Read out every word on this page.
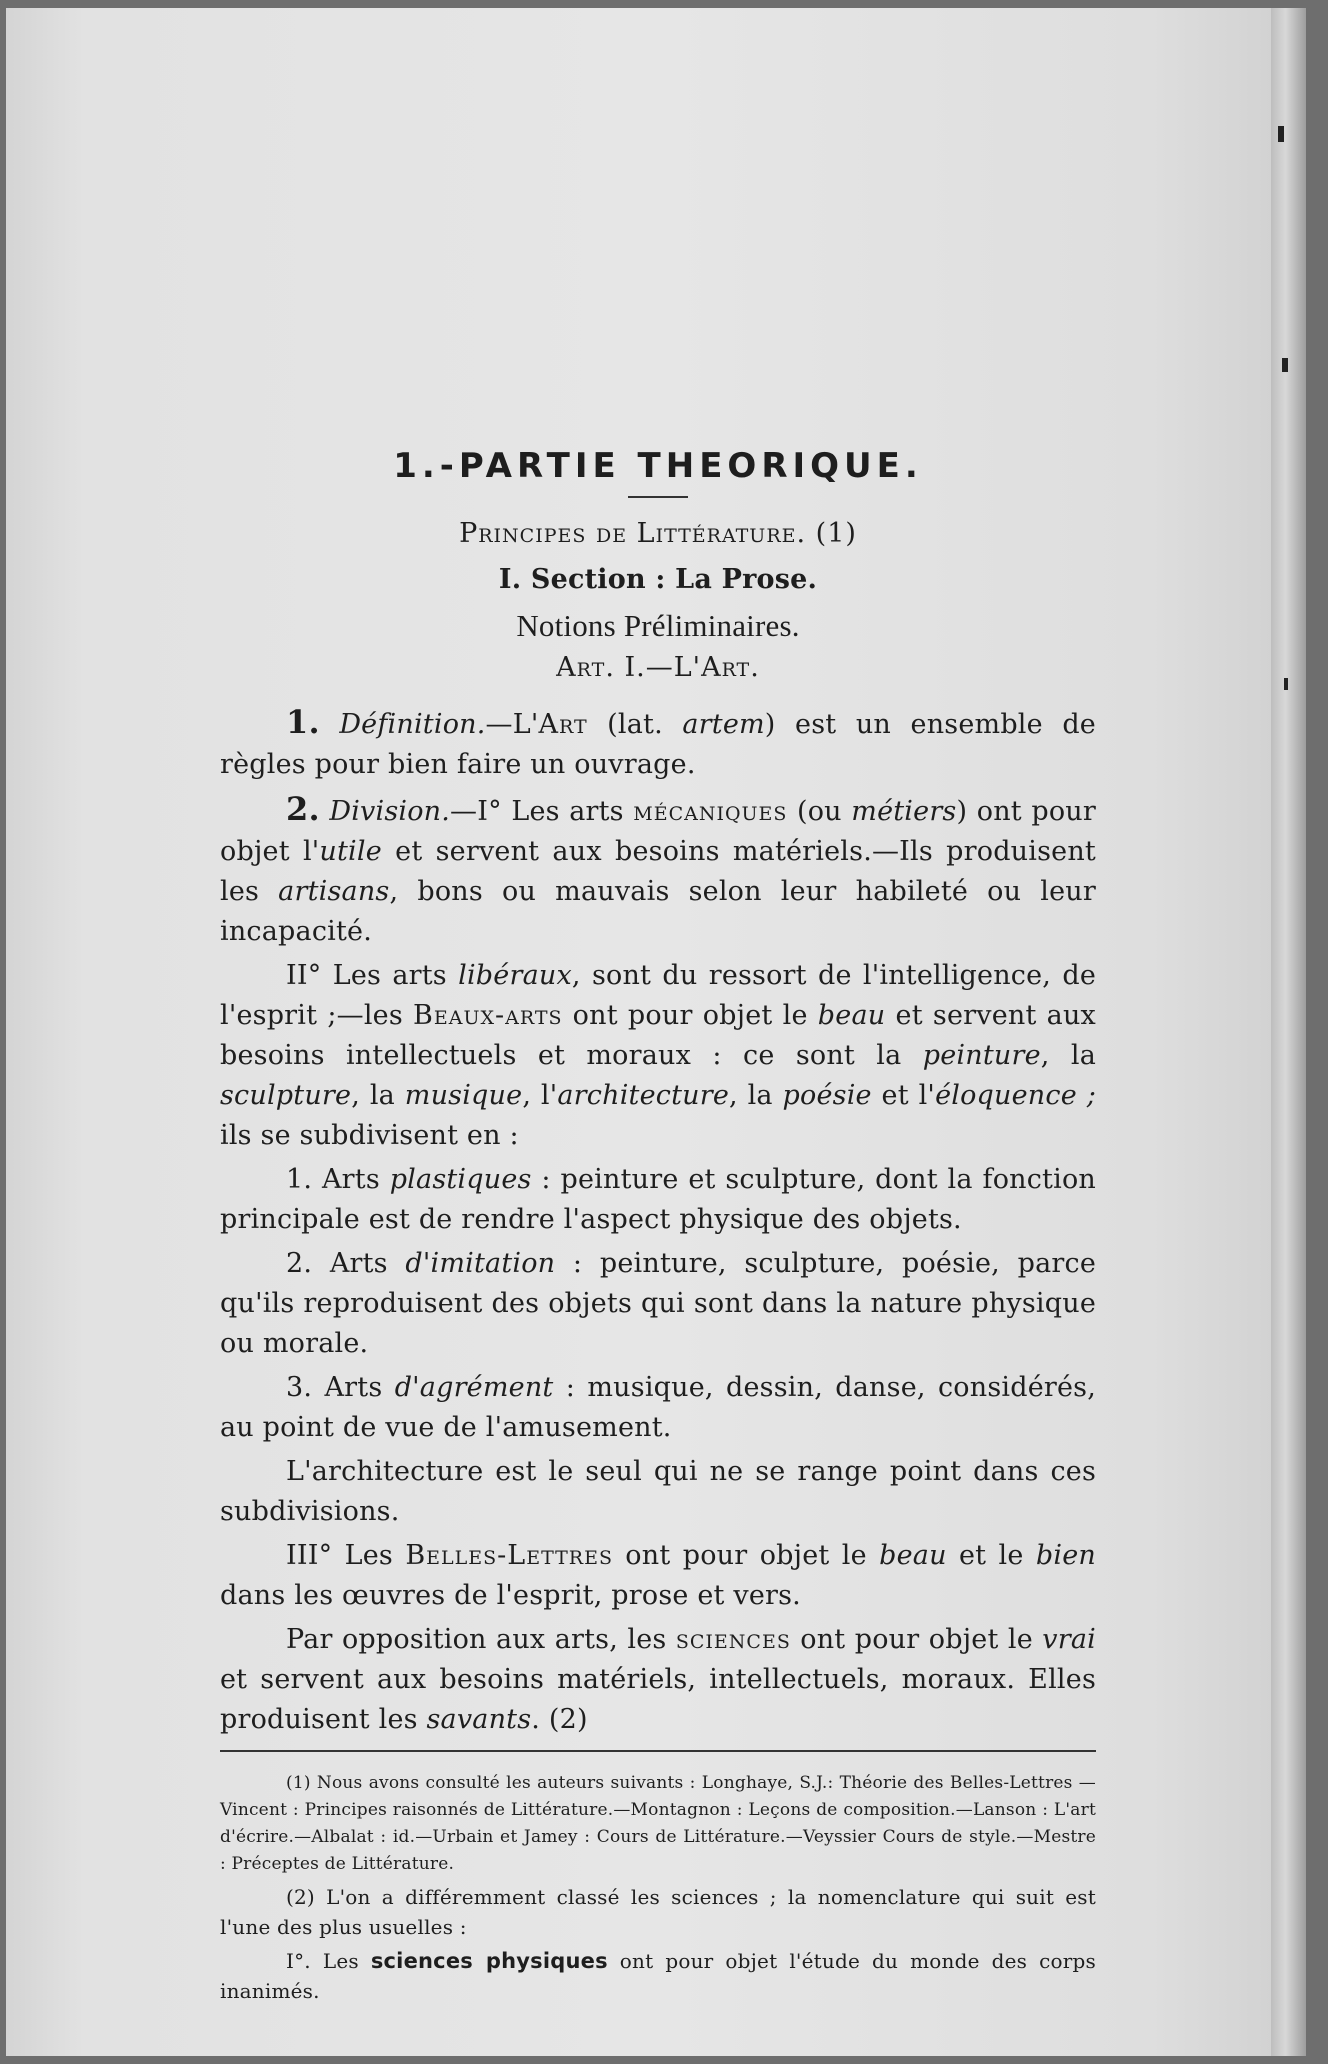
1.-PARTIE THEORIQUE.

Principes de Littérature. (1)

I. Section : La Prose.

Notions Préliminaires.

Art. I.—L'Art.

1. Définition.—L'Art (lat. artem) est un ensemble de règles pour bien faire un ouvrage.

2. Division.—I° Les arts mécaniques (ou métiers) ont pour objet l'utile et servent aux besoins matériels.—Ils produisent les artisans, bons ou mauvais selon leur habileté ou leur incapacité.

II° Les arts libéraux, sont du ressort de l'intelligence, de l'esprit ;—les Beaux-arts ont pour objet le beau et servent aux besoins intellectuels et moraux : ce sont la peinture, la sculpture, la musique, l'architecture, la poésie et l'éloquence ; ils se subdivisent en :

1. Arts plastiques : peinture et sculpture, dont la fonction principale est de rendre l'aspect physique des objets.

2. Arts d'imitation : peinture, sculpture, poésie, parce qu'ils reproduisent des objets qui sont dans la nature physique ou morale.

3. Arts d'agrément : musique, dessin, danse, considérés, au point de vue de l'amusement.

L'architecture est le seul qui ne se range point dans ces subdivisions.

III° Les Belles-Lettres ont pour objet le beau et le bien dans les œuvres de l'esprit, prose et vers.

Par opposition aux arts, les sciences ont pour objet le vrai et servent aux besoins matériels, intellectuels, moraux. Elles produisent les savants. (2)

(1) Nous avons consulté les auteurs suivants : Longhaye, S.J.: Théorie des Belles-Lettres —Vincent : Principes raisonnés de Littérature.—Montagnon : Leçons de composition.—Lanson : L'art d'écrire.—Albalat : id.—Urbain et Jamey : Cours de Littérature.—Veyssier Cours de style.—Mestre : Préceptes de Littérature.

(2) L'on a différemment classé les sciences ; la nomenclature qui suit est l'une des plus usuelles :

I°. Les sciences physiques ont pour objet l'étude du monde des corps inanimés.
